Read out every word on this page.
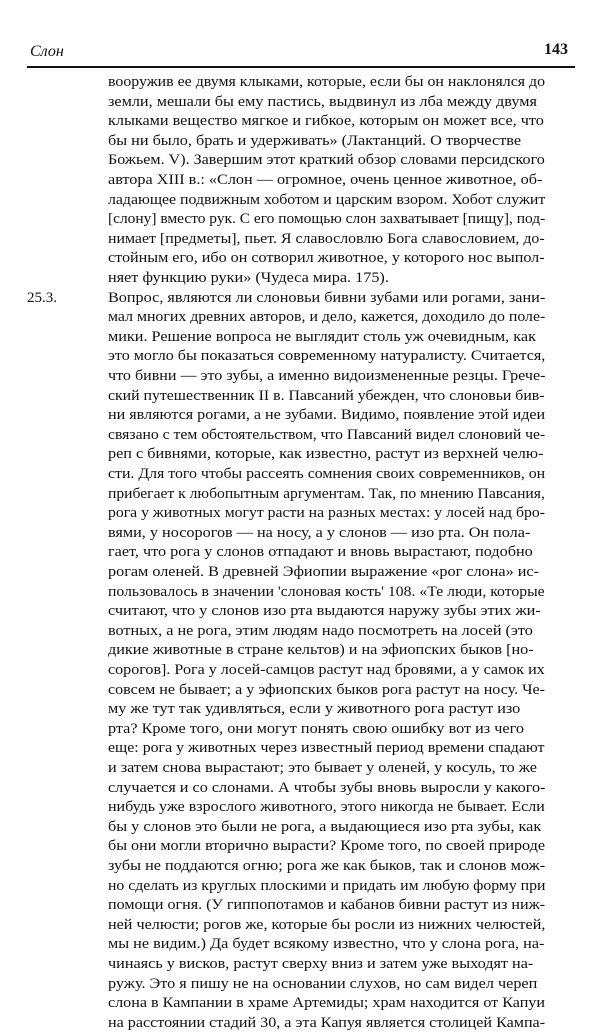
Слон	143
вооружив ее двумя клыками, которые, если бы он наклонялся до
земли, мешали бы ему пастись, выдвинул из лба между двумя
клыками вещество мягкое и гибкое, которым он может все, что
бы ни было, брать и удерживать» (Лактанций. О творчестве
Божьем. V). Завершим этот краткий обзор словами персидского
автора XIII в.: «Слон — огромное, очень ценное животное, об-
ладающее подвижным хоботом и царским взором. Хобот служит
[слону] вместо рук. С его помощью слон захватывает [пищу], под-
нимает [предметы], пьет. Я славословлю Бога славословием, до-
стойным его, ибо он сотворил животное, у которого нос выпол-
няет функцию руки» (Чудеса мира. 175).
25.3.	Вопрос, являются ли слоновьи бивни зубами или рогами, зани-
мал многих древних авторов, и дело, кажется, доходило до поле-
мики. Решение вопроса не выглядит столь уж очевидным, как
это могло бы показаться современному натуралисту. Считается,
что бивни — это зубы, а именно видоизмененные резцы. Грече-
ский путешественник II в. Павсаний убежден, что слоновьи бив-
ни являются рогами, а не зубами. Видимо, появление этой идеи
связано с тем обстоятельством, что Павсаний видел слоновий че-
реп с бивнями, которые, как известно, растут из верхней челю-
сти. Для того чтобы рассеять сомнения своих современников, он
прибегает к любопытным аргументам. Так, по мнению Павсания,
рога у животных могут расти на разных местах: у лосей над бро-
вями, у носорогов — на носу, а у слонов — изо рта. Он пола-
гает, что рога у слонов отпадают и вновь вырастают, подобно
рогам оленей. В древней Эфиопии выражение «рог слона» ис-
пользовалось в значении 'слоновая кость' 108. «Те люди, которые
считают, что у слонов изо рта выдаются наружу зубы этих жи-
вотных, а не рога, этим людям надо посмотреть на лосей (это
дикие животные в стране кельтов) и на эфиопских быков [но-
сорогов]. Рога у лосей-самцов растут над бровями, а у самок их
совсем не бывает; а у эфиопских быков рога растут на носу. Че-
му же тут так удивляться, если у животного рога растут изо
рта? Кроме того, они могут понять свою ошибку вот из чего
еще: рога у животных через известный период времени спадают
и затем снова вырастают; это бывает у оленей, у косуль, то же
случается и со слонами. А чтобы зубы вновь выросли у какого-
нибудь уже взрослого животного, этого никогда не бывает. Если
бы у слонов это были не рога, а выдающиеся изо рта зубы, как
бы они могли вторично вырасти? Кроме того, по своей природе
зубы не поддаются огню; рога же как быков, так и слонов мож-
но сделать из круглых плоскими и придать им любую форму при
помощи огня. (У гиппопотамов и кабанов бивни растут из ниж-
ней челюсти; рогов же, которые бы росли из нижних челюстей,
мы не видим.) Да будет всякому известно, что у слона рога, на-
чинаясь у висков, растут сверху вниз и затем уже выходят на-
ружу. Это я пишу не на основании слухов, но сам видел череп
слона в Кампании в храме Артемиды; храм находится от Капуи
на расстоянии стадий 30, а эта Капуя является столицей Кампа-
